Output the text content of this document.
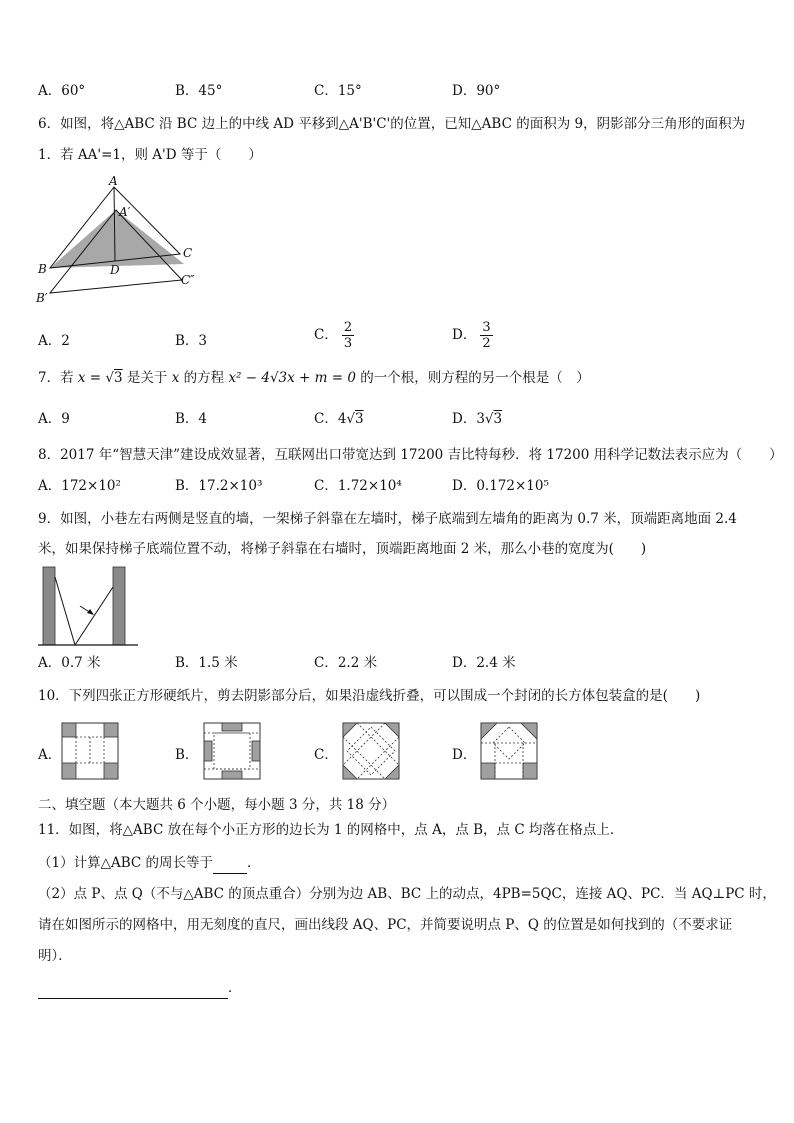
A．60°	B．45°	C．15°	D．90°
6．如图，将△ABC 沿 BC 边上的中线 AD 平移到△A'B'C'的位置，已知△ABC 的面积为 9，阴影部分三角形的面积为
1．若 AA'=1，则 A'D 等于（　　）
A
A′
B
C
D
B′
C″
A．2	B．3	C． $\frac{2}{3}$	D． $\frac{3}{2}$
7．若 x = √3 是关于 x 的方程 x² − 4√3x + m = 0 的一个根，则方程的另一个根是（　）
A．9	B．4	C．4√3	D．3√3
8．2017 年“智慧天津”建设成效显著，互联网出口带宽达到 17200 吉比特每秒．将 17200 用科学记数法表示应为（　　）
A．172×10²	B．17.2×10³	C．1.72×10⁴	D．0.172×10⁵
9．如图，小巷左右两侧是竖直的墙，一架梯子斜靠在左墙时，梯子底端到左墙角的距离为 0.7 米，顶端距离地面 2.4
米，如果保持梯子底端位置不动，将梯子斜靠在右墙时，顶端距离地面 2 米，那么小巷的宽度为(　　)
A．0.7 米	B．1.5 米	C．2.2 米	D．2.4 米
10．下列四张正方形硬纸片，剪去阴影部分后，如果沿虚线折叠，可以围成一个封闭的长方体包装盒的是(　　)
A．	B．	C．	D．
二、填空题（本大题共 6 个小题，每小题 3 分，共 18 分）
11．如图，将△ABC 放在每个小正方形的边长为 1 的网格中，点 A，点 B，点 C 均落在格点上．
（1）计算△ABC 的周长等于	．
（2）点 P、点 Q（不与△ABC 的顶点重合）分别为边 AB、BC 上的动点，4PB=5QC，连接 AQ、PC．当 AQ⊥PC 时，
请在如图所示的网格中，用无刻度的直尺，画出线段 AQ、PC，并简要说明点 P、Q 的位置是如何找到的（不要求证
明）．
．
